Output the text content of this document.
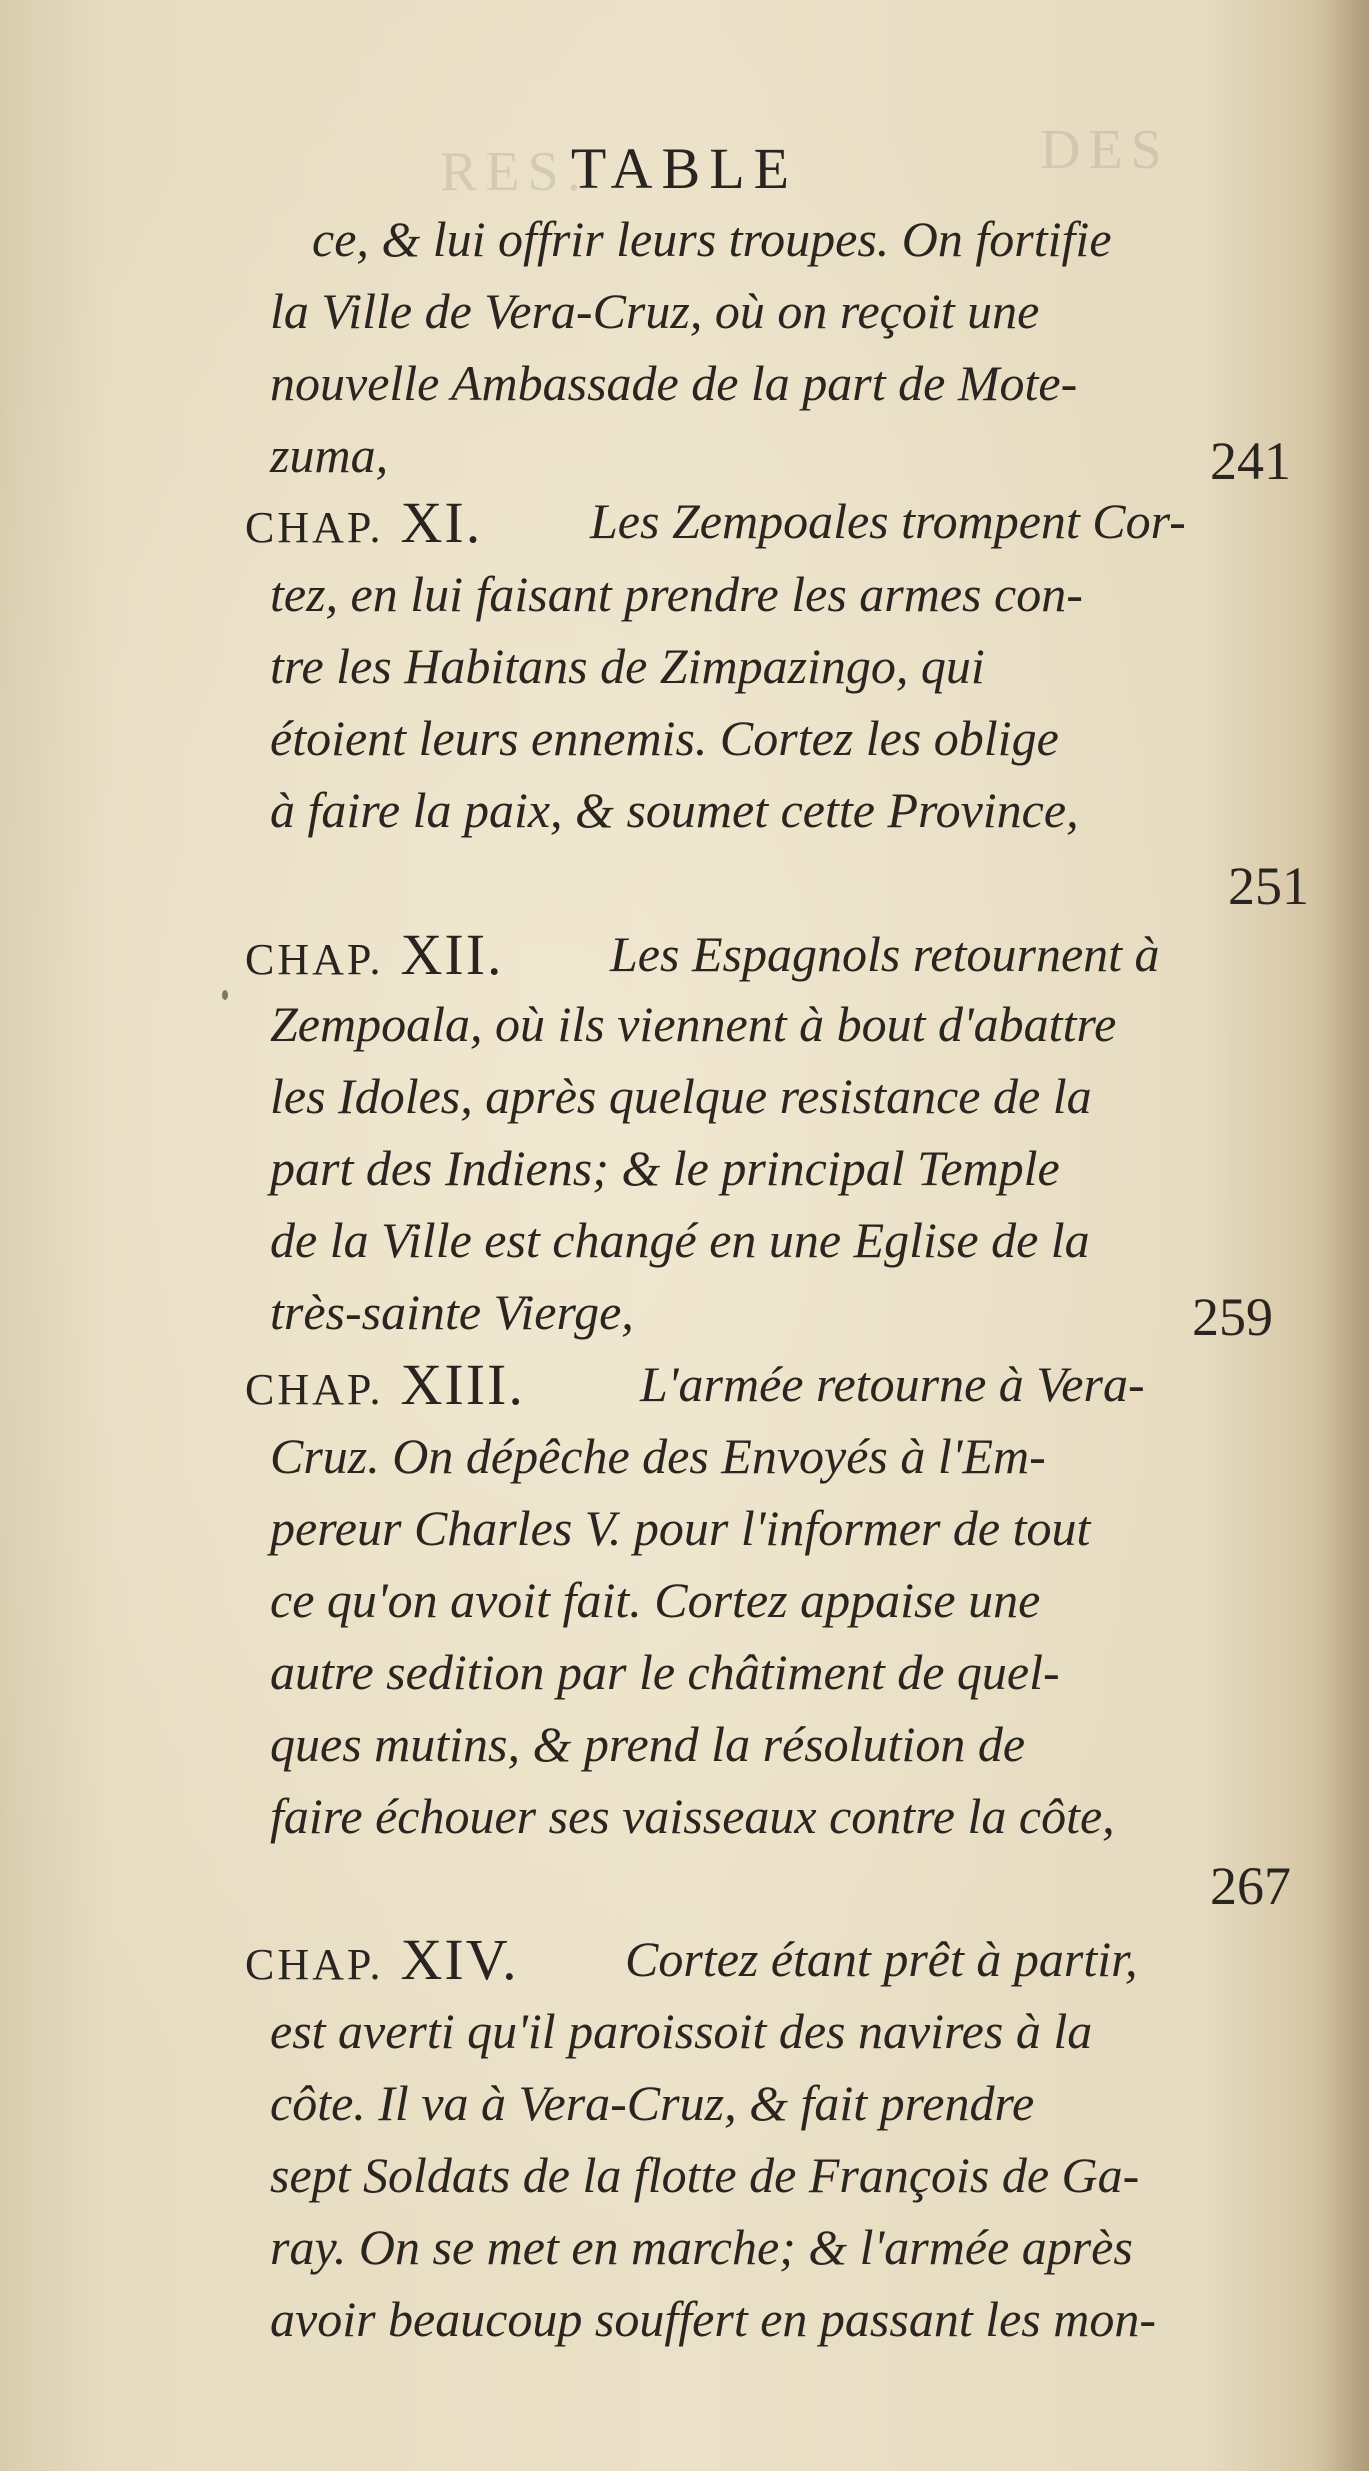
RES.	DES
TABLE
ce, & lui offrir leurs troupes. On fortifie
la Ville de Vera-Cruz, où on reçoit une
nouvelle Ambassade de la part de Mote-
zuma,	241
CHAP. XI. Les Zempoales trompent Cor-
tez, en lui faisant prendre les armes con-
tre les Habitans de Zimpazingo, qui
étoient leurs ennemis. Cortez les oblige
à faire la paix, & soumet cette Province,
251
CHAP. XII. Les Espagnols retournent à
Zempoala, où ils viennent à bout d'abattre
les Idoles, après quelque resistance de la
part des Indiens; & le principal Temple
de la Ville est changé en une Eglise de la
très-sainte Vierge,	259
CHAP. XIII. L'armée retourne à Vera-
Cruz. On dépêche des Envoyés à l'Em-
pereur Charles V. pour l'informer de tout
ce qu'on avoit fait. Cortez appaise une
autre sedition par le châtiment de quel-
ques mutins, & prend la résolution de
faire échouer ses vaisseaux contre la côte,
267
CHAP. XIV. Cortez étant prêt à partir,
est averti qu'il paroissoit des navires à la
côte. Il va à Vera-Cruz, & fait prendre
sept Soldats de la flotte de François de Ga-
ray. On se met en marche; & l'armée après
avoir beaucoup souffert en passant les mon-
